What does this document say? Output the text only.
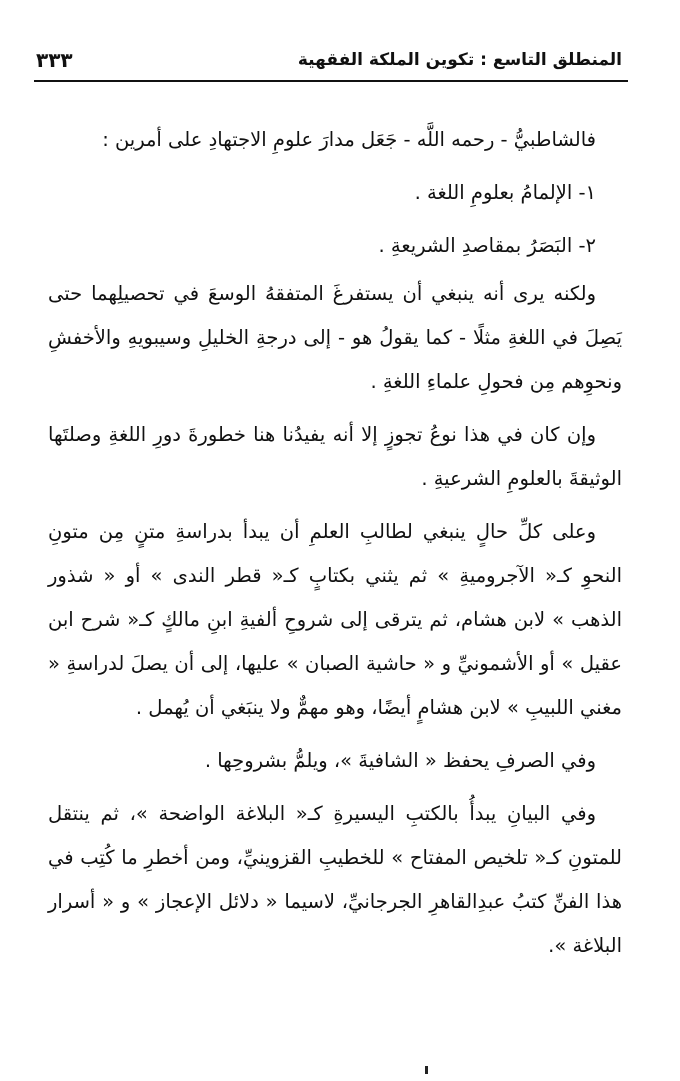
المنطلق التاسع : تكوين الملكة الفقهية
٣٣٣

فالشاطبيُّ - رحمه اللَّه - جَعَل مدارَ علومِ الاجتهادِ على أمرين :

١- الإلمامُ بعلومِ اللغة .

٢- البَصَرُ بمقاصدِ الشريعةِ .

ولكنه يرى أنه ينبغي أن يستفرغَ المتفقهُ الوسعَ في تحصيلِهما حتى يَصِلَ في اللغةِ مثلًا - كما يقولُ هو - إلى درجةِ الخليلِ وسيبويهِ والأخفشِ ونحوِهم مِن فحولِ علماءِ اللغةِ .

وإن كان في هذا نوعُ تجوزٍ إلا أنه يفيدُنا هنا خطورةَ دورِ اللغةِ وصلتَها الوثيقةَ بالعلومِ الشرعيةِ .

وعلى كلِّ حالٍ ينبغي لطالبِ العلمِ أن يبدأ بدراسةِ متنٍ مِن متونِ النحوِ كـ« الآجروميةِ » ثم يثني بكتابٍ كـ« قطر الندى » أو « شذور الذهب » لابن هشام، ثم يترقى إلى شروحِ ألفيةِ ابنِ مالكٍ كـ« شرح ابن عقيل » أو الأشمونيِّ و « حاشية الصبان » عليها، إلى أن يصلَ لدراسةِ « مغني اللبيبِ » لابن هشامٍ أيضًا، وهو مهمٌّ ولا ينبَغي أن يُهمل .

وفي الصرفِ يحفظ « الشافيةَ »، ويلمُّ بشروحِها .

وفي البيانِ يبدأُ بالكتبِ اليسيرةِ كـ« البلاغة الواضحة »، ثم ينتقل للمتونِ كـ« تلخيص المفتاح » للخطيبِ القزوينيِّ، ومن أخطرِ ما كُتِب في هذا الفنِّ كتبُ عبدِالقاهرِ الجرجانيِّ، لاسيما « دلائل الإعجاز » و « أسرار البلاغة ».
